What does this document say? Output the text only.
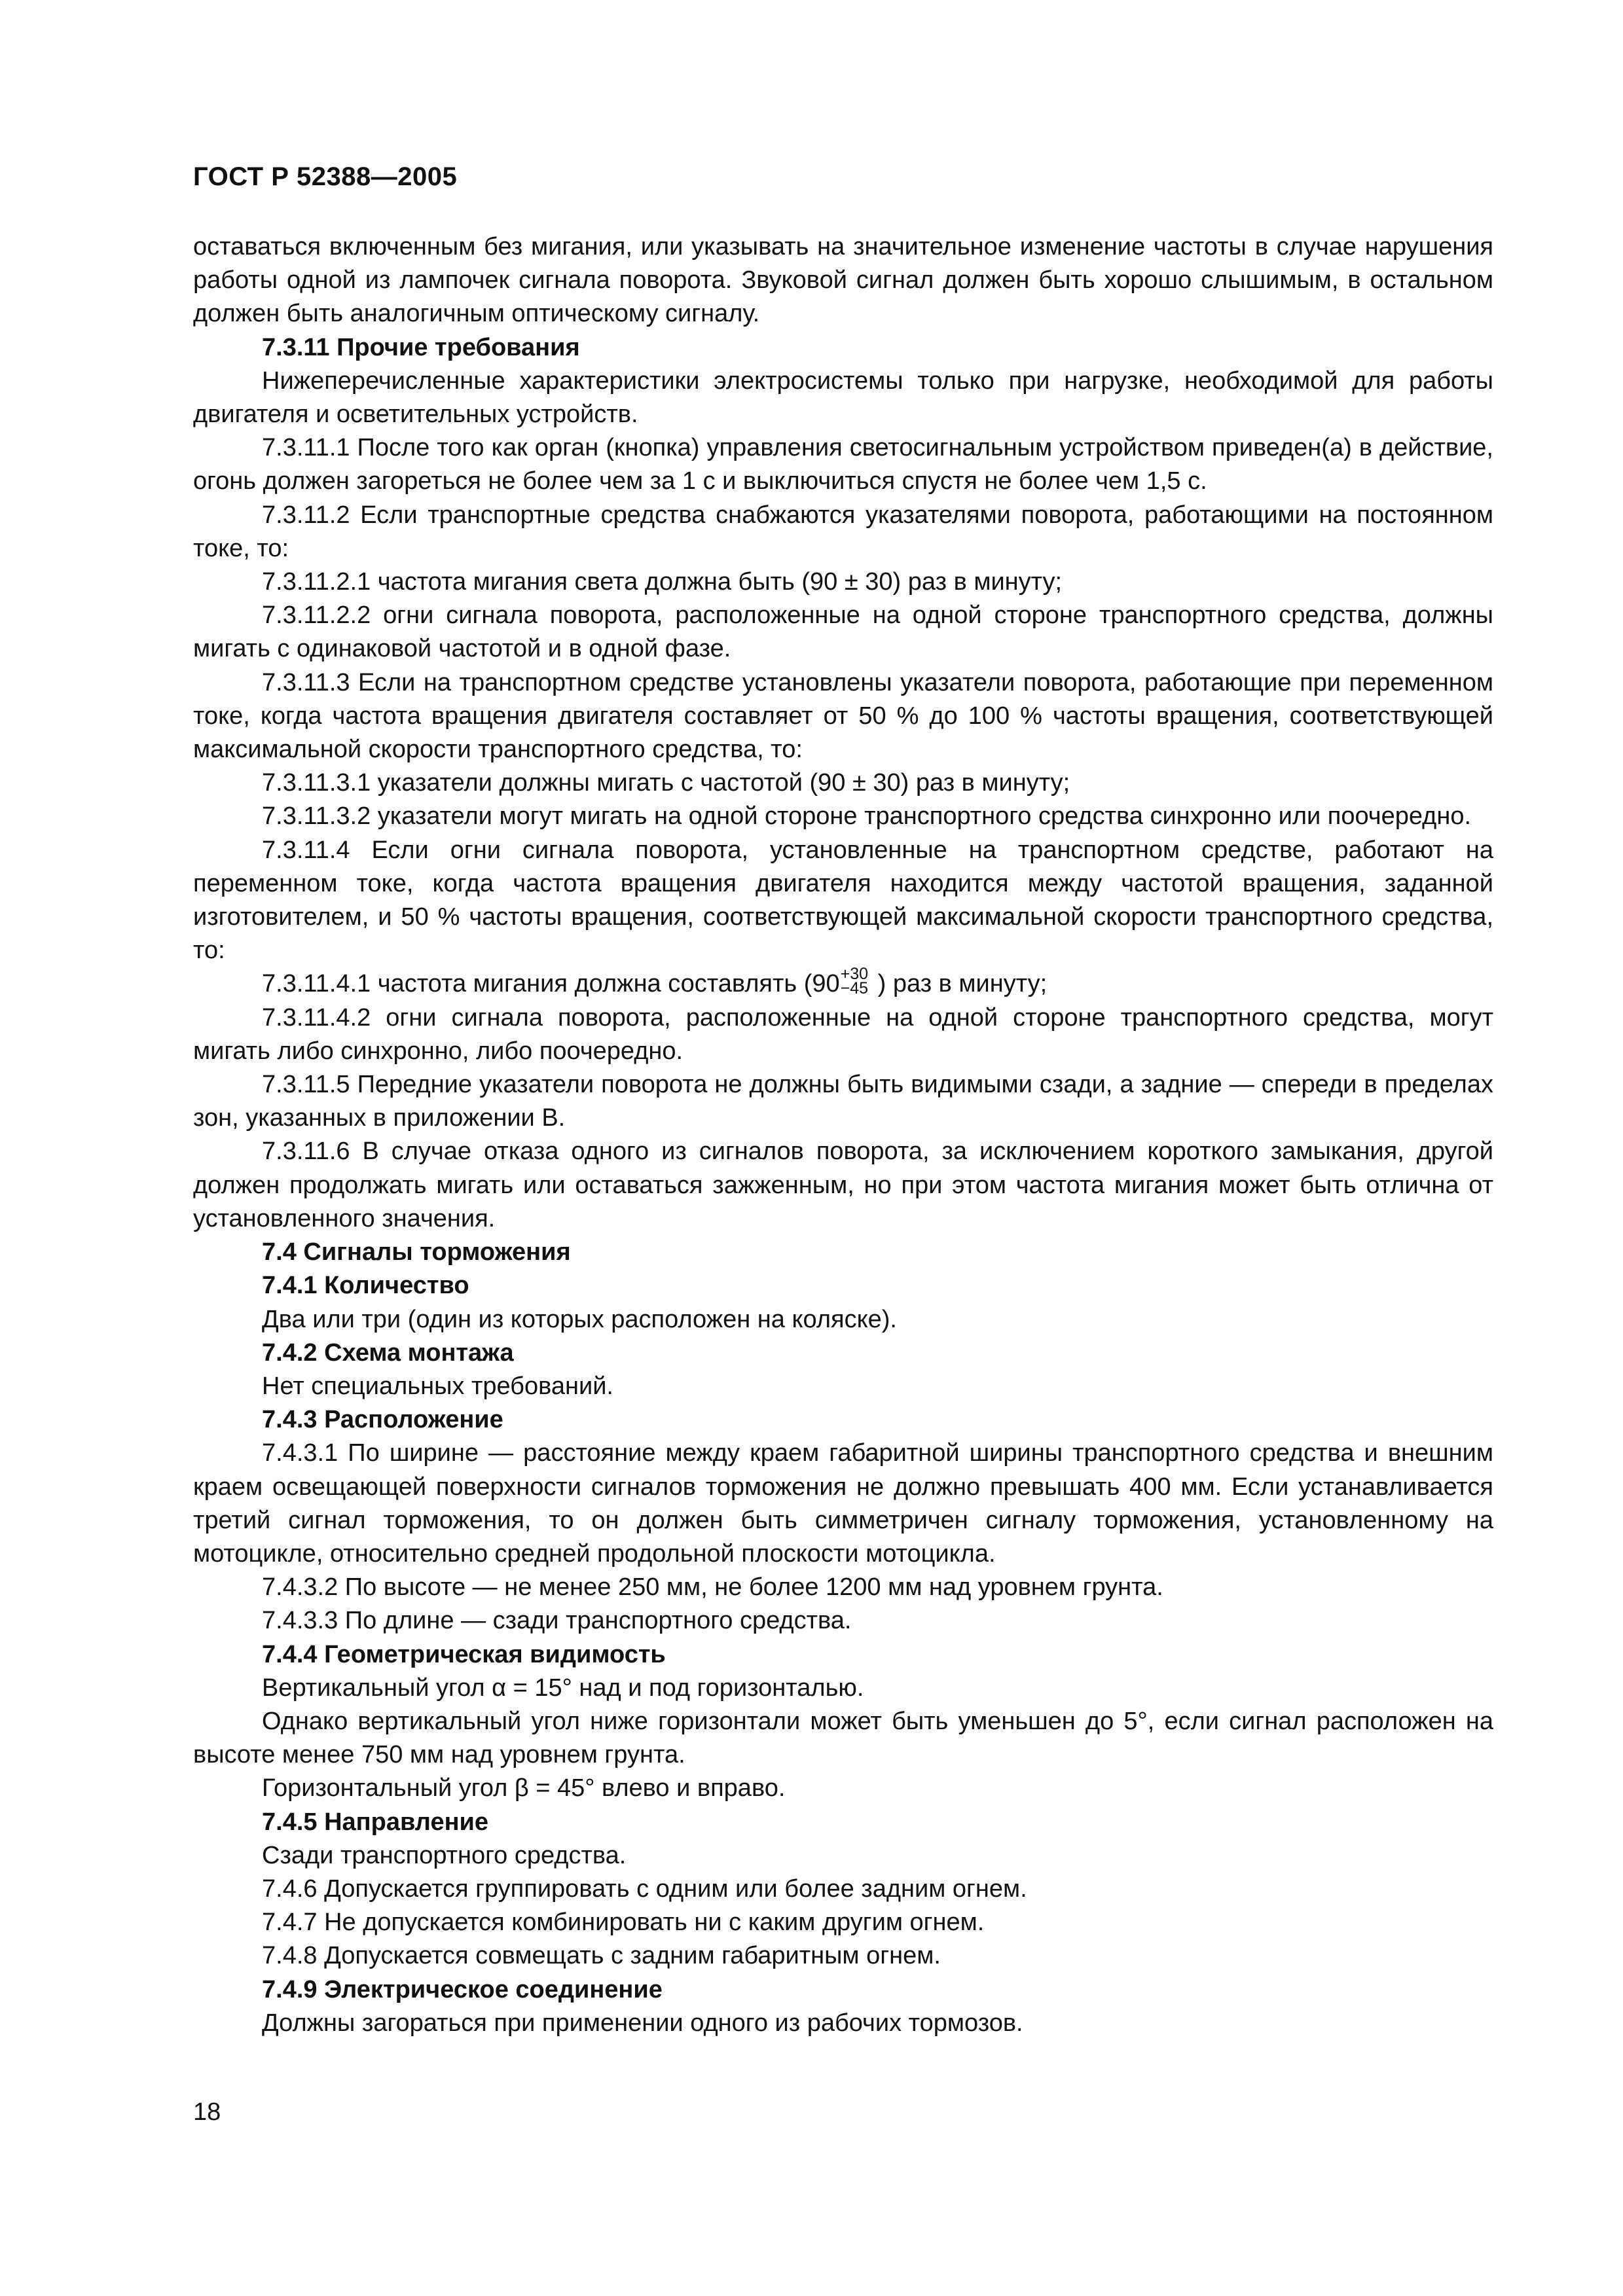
ГОСТ Р 52388—2005

оставаться включенным без мигания, или указывать на значительное изменение частоты в случае нарушения работы одной из лампочек сигнала поворота. Звуковой сигнал должен быть хорошо слышимым, в остальном должен быть аналогичным оптическому сигналу.

7.3.11 Прочие требования

Нижеперечисленные характеристики электросистемы только при нагрузке, необходимой для работы двигателя и осветительных устройств.

7.3.11.1 После того как орган (кнопка) управления светосигнальным устройством приведен(а) в действие, огонь должен загореться не более чем за 1 с и выключиться спустя не более чем 1,5 с.

7.3.11.2 Если транспортные средства снабжаются указателями поворота, работающими на постоянном токе, то:

7.3.11.2.1 частота мигания света должна быть (90 ± 30) раз в минуту;

7.3.11.2.2 огни сигнала поворота, расположенные на одной стороне транспортного средства, должны мигать с одинаковой частотой и в одной фазе.

7.3.11.3 Если на транспортном средстве установлены указатели поворота, работающие при переменном токе, когда частота вращения двигателя составляет от 50 % до 100 % частоты вращения, соответствующей максимальной скорости транспортного средства, то:

7.3.11.3.1 указатели должны мигать с частотой (90 ± 30) раз в минуту;

7.3.11.3.2 указатели могут мигать на одной стороне транспортного средства синхронно или поочередно.

7.3.11.4 Если огни сигнала поворота, установленные на транспортном средстве, работают на переменном токе, когда частота вращения двигателя находится между частотой вращения, заданной изготовителем, и 50 % частоты вращения, соответствующей максимальной скорости транспортного средства, то:

7.3.11.4.1 частота мигания должна составлять (90 +30
−45 ) раз в минуту;

7.3.11.4.2 огни сигнала поворота, расположенные на одной стороне транспортного средства, могут мигать либо синхронно, либо поочередно.

7.3.11.5 Передние указатели поворота не должны быть видимыми сзади, а задние — спереди в пределах зон, указанных в приложении В.

7.3.11.6 В случае отказа одного из сигналов поворота, за исключением короткого замыкания, другой должен продолжать мигать или оставаться зажженным, но при этом частота мигания может быть отлична от установленного значения.

7.4 Сигналы торможения

7.4.1 Количество

Два или три (один из которых расположен на коляске).

7.4.2 Схема монтажа

Нет специальных требований.

7.4.3 Расположение

7.4.3.1 По ширине — расстояние между краем габаритной ширины транспортного средства и внешним краем освещающей поверхности сигналов торможения не должно превышать 400 мм. Если устанавливается третий сигнал торможения, то он должен быть симметричен сигналу торможения, установленному на мотоцикле, относительно средней продольной плоскости мотоцикла.

7.4.3.2 По высоте — не менее 250 мм, не более 1200 мм над уровнем грунта.

7.4.3.3 По длине — сзади транспортного средства.

7.4.4 Геометрическая видимость

Вертикальный угол α = 15° над и под горизонталью.

Однако вертикальный угол ниже горизонтали может быть уменьшен до 5°, если сигнал расположен на высоте менее 750 мм над уровнем грунта.

Горизонтальный угол β = 45° влево и вправо.

7.4.5 Направление

Сзади транспортного средства.

7.4.6 Допускается группировать с одним или более задним огнем.

7.4.7 Не допускается комбинировать ни с каким другим огнем.

7.4.8 Допускается совмещать с задним габаритным огнем.

7.4.9 Электрическое соединение

Должны загораться при применении одного из рабочих тормозов.

18
